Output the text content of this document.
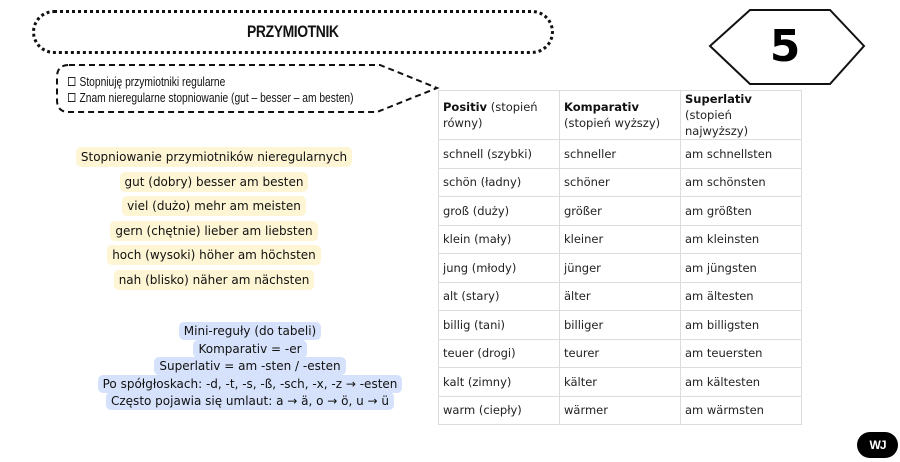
PRZYMIOTNIK	5
Stopniuję przymiotniki regularne
Znam nieregularne stopniowanie (gut – besser – am besten)
Stopniowanie przymiotników nieregularnych
gut (dobry) besser am besten
viel (dużo) mehr am meisten
gern (chętnie) lieber am liebsten
hoch (wysoki) höher am höchsten
nah (blisko) näher am nächsten
Mini-reguły (do tabeli)
Komparativ = -er
Superlativ = am -sten / -esten
Po spółgłoskach: -d, -t, -s, -ß, -sch, -x, -z → -esten
Często pojawia się umlaut: a → ä, o → ö, u → ü
Positiv (stopień równy)	Komparativ (stopień wyższy)	Superlativ (stopień najwyższy)
schnell (szybki)	schneller	am schnellsten
schön (ładny)	schöner	am schönsten
groß (duży)	größer	am größten
klein (mały)	kleiner	am kleinsten
jung (młody)	jünger	am jüngsten
alt (stary)	älter	am ältesten
billig (tani)	billiger	am billigsten
teuer (drogi)	teurer	am teuersten
kalt (zimny)	kälter	am kältesten
warm (ciepły)	wärmer	am wärmsten
WJ
